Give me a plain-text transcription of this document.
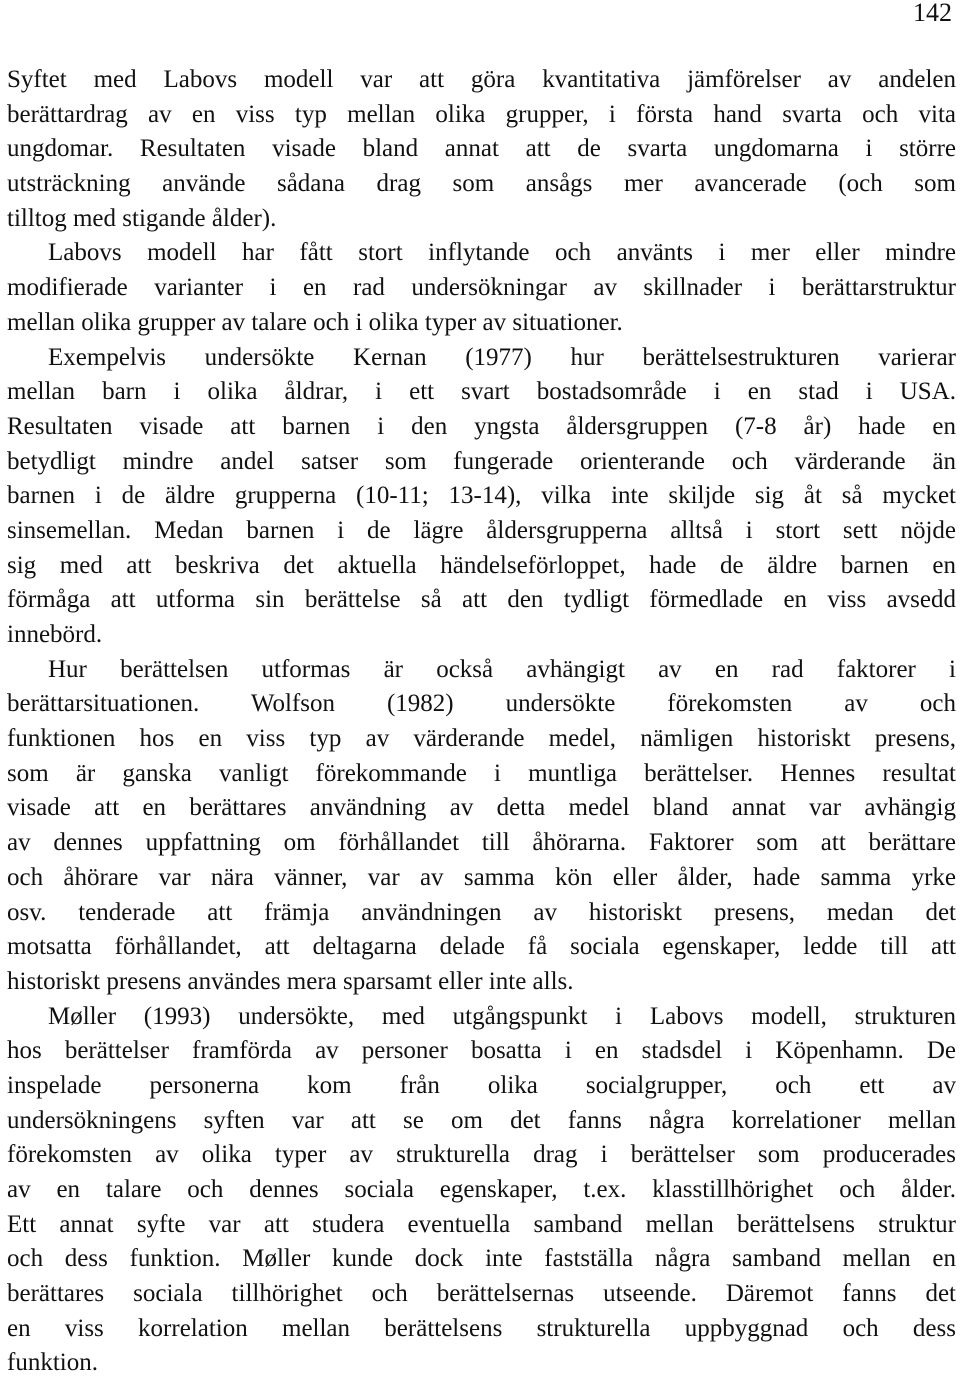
142
Syftet med Labovs modell var att göra kvantitativa jämförelser av andelen
berättardrag av en viss typ mellan olika grupper, i första hand svarta och vita
ungdomar. Resultaten visade bland annat att de svarta ungdomarna i större
utsträckning använde sådana drag som ansågs mer avancerade (och som
tilltog med stigande ålder).
Labovs modell har fått stort inflytande och använts i mer eller mindre
modifierade varianter i en rad undersökningar av skillnader i berättarstruktur
mellan olika grupper av talare och i olika typer av situationer.
Exempelvis undersökte Kernan (1977) hur berättelsestrukturen varierar
mellan barn i olika åldrar, i ett svart bostadsområde i en stad i USA.
Resultaten visade att barnen i den yngsta åldersgruppen (7-8 år) hade en
betydligt mindre andel satser som fungerade orienterande och värderande än
barnen i de äldre grupperna (10-11; 13-14), vilka inte skiljde sig åt så mycket
sinsemellan. Medan barnen i de lägre åldersgrupperna alltså i stort sett nöjde
sig med att beskriva det aktuella händelseförloppet, hade de äldre barnen en
förmåga att utforma sin berättelse så att den tydligt förmedlade en viss avsedd
innebörd.
Hur berättelsen utformas är också avhängigt av en rad faktorer i
berättarsituationen. Wolfson (1982) undersökte förekomsten av och
funktionen hos en viss typ av värderande medel, nämligen historiskt presens,
som är ganska vanligt förekommande i muntliga berättelser. Hennes resultat
visade att en berättares användning av detta medel bland annat var avhängig
av dennes uppfattning om förhållandet till åhörarna. Faktorer som att berättare
och åhörare var nära vänner, var av samma kön eller ålder, hade samma yrke
osv. tenderade att främja användningen av historiskt presens, medan det
motsatta förhållandet, att deltagarna delade få sociala egenskaper, ledde till att
historiskt presens användes mera sparsamt eller inte alls.
Møller (1993) undersökte, med utgångspunkt i Labovs modell, strukturen
hos berättelser framförda av personer bosatta i en stadsdel i Köpenhamn. De
inspelade personerna kom från olika socialgrupper, och ett av
undersökningens syften var att se om det fanns några korrelationer mellan
förekomsten av olika typer av strukturella drag i berättelser som producerades
av en talare och dennes sociala egenskaper, t.ex. klasstillhörighet och ålder.
Ett annat syfte var att studera eventuella samband mellan berättelsens struktur
och dess funktion. Møller kunde dock inte fastställa några samband mellan en
berättares sociala tillhörighet och berättelsernas utseende. Däremot fanns det
en viss korrelation mellan berättelsens strukturella uppbyggnad och dess
funktion.
